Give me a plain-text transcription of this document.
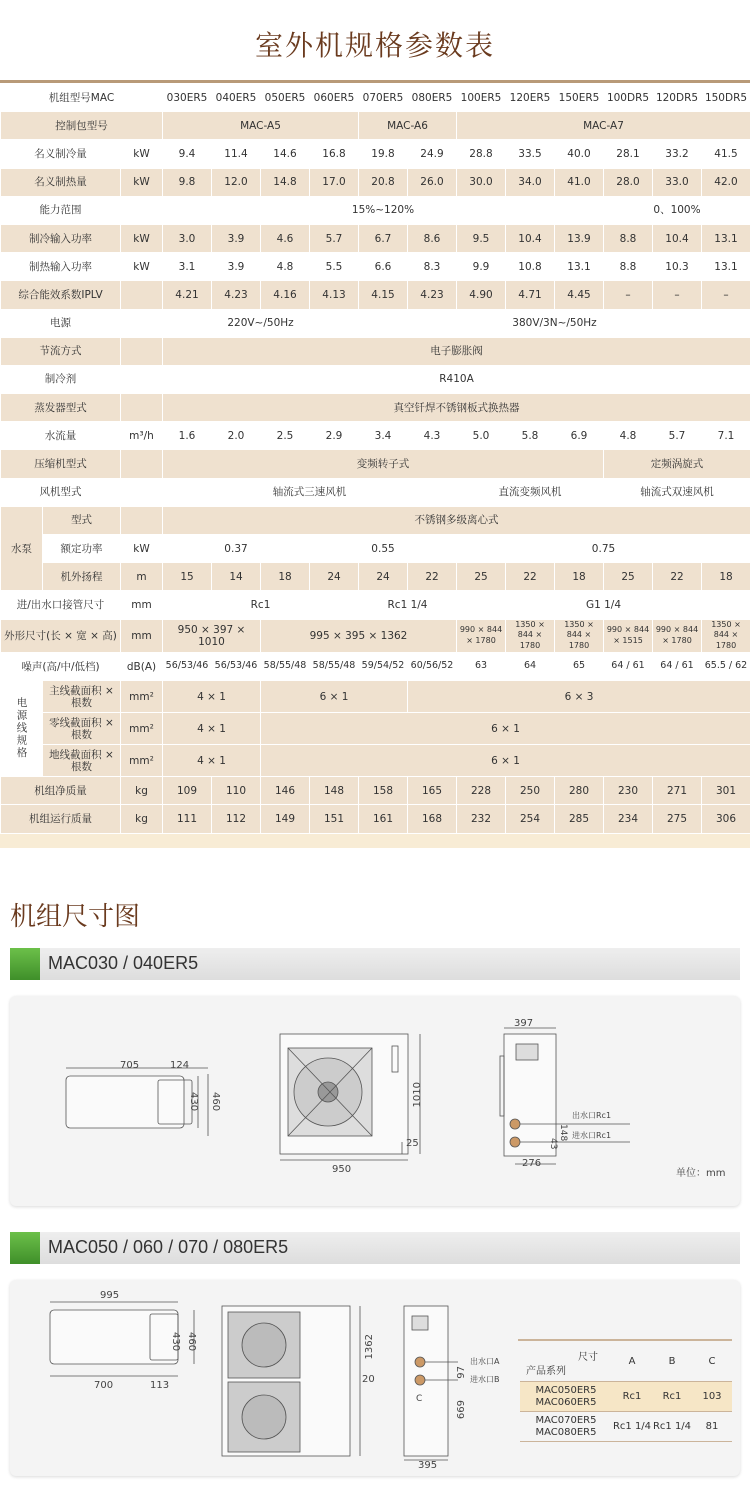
室外机规格参数表
机组型号MAC			030ER5	040ER5	050ER5	060ER5	070ER5	080ER5	100ER5	120ER5	150ER5	100DR5	120DR5	150DR5
控制包型号			MAC-A5				MAC-A6		MAC-A7					
名义制冷量		kW	9.4	11.4	14.6	16.8	19.8	24.9	28.8	33.5	40.0	28.1	33.2	41.5
名义制热量		kW	9.8	12.0	14.8	17.0	20.8	26.0	30.0	34.0	41.0	28.0	33.0	42.0
能力范围			15%~120%									0、100%		
制冷输入功率		kW	3.0	3.9	4.6	5.7	6.7	8.6	9.5	10.4	13.9	8.8	10.4	13.1
制热输入功率		kW	3.1	3.9	4.8	5.5	6.6	8.3	9.9	10.8	13.1	8.8	10.3	13.1
综合能效系数IPLV			4.21	4.23	4.16	4.13	4.15	4.23	4.90	4.71	4.45	–	–	–
电源			220V~/50Hz				380V/3N~/50Hz							
节流方式			电子膨胀阀											
制冷剂			R410A											
蒸发器型式			真空钎焊不锈钢板式换热器											
水流量		m³/h	1.6	2.0	2.5	2.9	3.4	4.3	5.0	5.8	6.9	4.8	5.7	7.1
压缩机型式			变频转子式									定频涡旋式		
风机型式			轴流式三速风机						直流变频风机			轴流式双速风机		
水泵	型式		不锈钢多级离心式											
	额定功率	kW	0.37			0.55			0.75					
	机外扬程	m	15	14	18	24	24	22	25	22	18	25	22	18
进/出水口接管尺寸		mm	Rc1				Rc1 1/4		G1 1/4					
外形尺寸(长 × 宽 × 高)		mm	950 × 397 × 1010		995 × 395 × 1362				990 × 844 × 1780	1350 × 844 × 1780	1350 × 844 × 1780	990 × 844 × 1515	990 × 844 × 1780	1350 × 844 × 1780
噪声(高/中/低档)		dB(A)	56/53/46	56/53/46	58/55/48	58/55/48	59/54/52	60/56/52	63	64	65	64 / 61	64 / 61	65.5 / 62
电源线规格	主线截面积 × 根数	mm²	4 × 1		6 × 1			6 × 3						
	零线截面积 × 根数	mm²	4 × 1		6 × 1									
	地线截面积 × 根数	mm²	4 × 1		6 × 1									
机组净质量		kg	109	110	146	148	158	165	228	250	280	230	271	301
机组运行质量		kg	111	112	149	151	161	168	232	254	285	234	275	306
机组尺寸图
MAC030 / 040ER5
705	124
430 460	1010
950
25
397
出水口Rc1
进水口Rc1
148
43
276
单位：mm
MAC050 / 060 / 070 / 080ER5
995
700	113
430 460	1362
20
出水口A
进水口B
97
669
C
395
尺寸
产品系列	A	B	C

MAC050ER5
MAC060ER5	Rc1	Rc1	103

MAC070ER5
MAC080ER5	Rc1 1/4	Rc1 1/4	81
